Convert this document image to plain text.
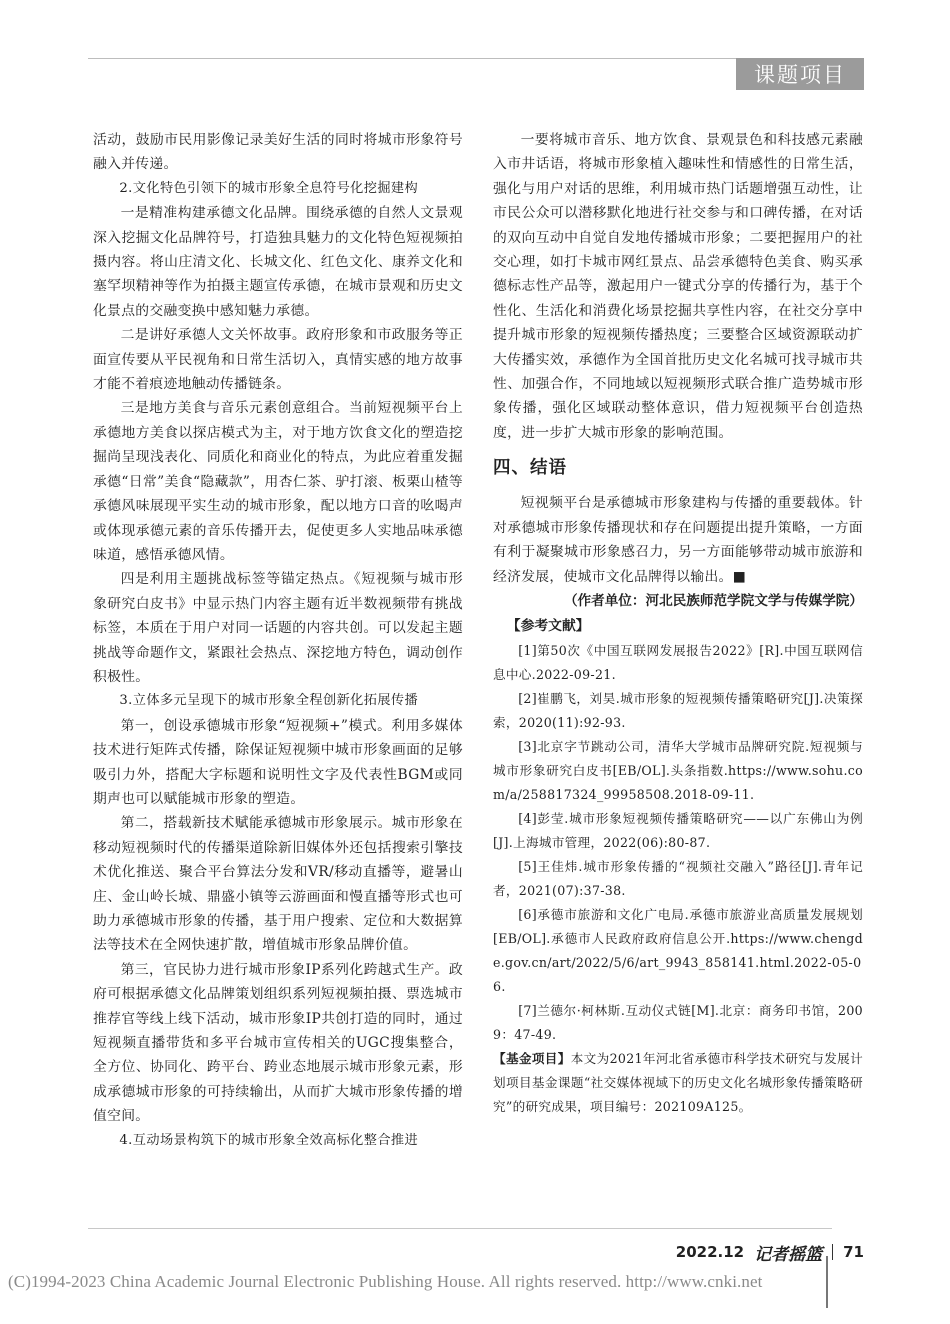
课题项目

活动，鼓励市民用影像记录美好生活的同时将城市形象符号融入并传递。

2.文化特色引领下的城市形象全息符号化挖掘建构

一是精准构建承德文化品牌。围绕承德的自然人文景观深入挖掘文化品牌符号，打造独具魅力的文化特色短视频拍摄内容。将山庄清文化、长城文化、红色文化、康养文化和塞罕坝精神等作为拍摄主题宣传承德，在城市景观和历史文化景点的交融变换中感知魅力承德。

二是讲好承德人文关怀故事。政府形象和市政服务等正面宣传要从平民视角和日常生活切入，真情实感的地方故事才能不着痕迹地触动传播链条。

三是地方美食与音乐元素创意组合。当前短视频平台上承德地方美食以探店模式为主，对于地方饮食文化的塑造挖掘尚呈现浅表化、同质化和商业化的特点，为此应着重发掘承德“日常”美食“隐藏款”，用杏仁茶、驴打滚、板栗山楂等承德风味展现平实生动的城市形象，配以地方口音的吆喝声或体现承德元素的音乐传播开去，促使更多人实地品味承德味道，感悟承德风情。

四是利用主题挑战标签等锚定热点。《短视频与城市形象研究白皮书》中显示热门内容主题有近半数视频带有挑战标签，本质在于用户对同一话题的内容共创。可以发起主题挑战等命题作文，紧跟社会热点、深挖地方特色，调动创作积极性。

3.立体多元呈现下的城市形象全程创新化拓展传播

第一，创设承德城市形象“短视频+”模式。利用多媒体技术进行矩阵式传播，除保证短视频中城市形象画面的足够吸引力外，搭配大字标题和说明性文字及代表性BGM或同期声也可以赋能城市形象的塑造。

第二，搭载新技术赋能承德城市形象展示。城市形象在移动短视频时代的传播渠道除新旧媒体外还包括搜索引擎技术优化推送、聚合平台算法分发和VR/移动直播等，避暑山庄、金山岭长城、鼎盛小镇等云游画面和慢直播等形式也可助力承德城市形象的传播，基于用户搜索、定位和大数据算法等技术在全网快速扩散，增值城市形象品牌价值。

第三，官民协力进行城市形象IP系列化跨越式生产。政府可根据承德文化品牌策划组织系列短视频拍摄、票选城市推荐官等线上线下活动，城市形象IP共创打造的同时，通过短视频直播带货和多平台城市宣传相关的UGC搜集整合，全方位、协同化、跨平台、跨业态地展示城市形象元素，形成承德城市形象的可持续输出，从而扩大城市形象传播的增值空间。

4.互动场景构筑下的城市形象全效高标化整合推进

一要将城市音乐、地方饮食、景观景色和科技感元素融入市井话语，将城市形象植入趣味性和情感性的日常生活，强化与用户对话的思维，利用城市热门话题增强互动性，让市民公众可以潜移默化地进行社交参与和口碑传播，在对话的双向互动中自觉自发地传播城市形象；二要把握用户的社交心理，如打卡城市网红景点、品尝承德特色美食、购买承德标志性产品等，激起用户一键式分享的传播行为，基于个性化、生活化和消费化场景挖掘共享性内容，在社交分享中提升城市形象的短视频传播热度；三要整合区域资源联动扩大传播实效，承德作为全国首批历史文化名城可找寻城市共性、加强合作，不同地域以短视频形式联合推广造势城市形象传播，强化区域联动整体意识，借力短视频平台创造热度，进一步扩大城市形象的影响范围。

四、结语

短视频平台是承德城市形象建构与传播的重要载体。针对承德城市形象传播现状和存在问题提出提升策略，一方面有利于凝聚城市形象感召力，另一方面能够带动城市旅游和经济发展，使城市文化品牌得以输出。■

（作者单位：河北民族师范学院文学与传媒学院）

【参考文献】

[1]第50次《中国互联网发展报告2022》[R].中国互联网信息中心.2022-09-21.

[2]崔鹏飞，刘昊.城市形象的短视频传播策略研究[J].决策探索，2020(11):92-93.

[3]北京字节跳动公司，清华大学城市品牌研究院.短视频与城市形象研究白皮书[EB/OL].头条指数.https://www.sohu.com/a/258817324_99958508.2018-09-11.

[4]彭莹.城市形象短视频传播策略研究——以广东佛山为例[J].上海城市管理，2022(06):80-87.

[5]王佳炜.城市形象传播的“视频社交融入”路径[J].青年记者，2021(07):37-38.

[6]承德市旅游和文化广电局.承德市旅游业高质量发展规划[EB/OL].承德市人民政府政府信息公开.https://www.chengde.gov.cn/art/2022/5/6/art_9943_858141.html.2022-05-06.

[7]兰德尔·柯林斯.互动仪式链[M].北京：商务印书馆，2009：47-49.

【基金项目】本文为2021年河北省承德市科学技术研究与发展计划项目基金课题“社交媒体视域下的历史文化名城形象传播策略研究”的研究成果，项目编号：202109A125。

2022.12 记者摇篮 71
(C)1994-2023 China Academic Journal Electronic Publishing House. All rights reserved. http://www.cnki.net
